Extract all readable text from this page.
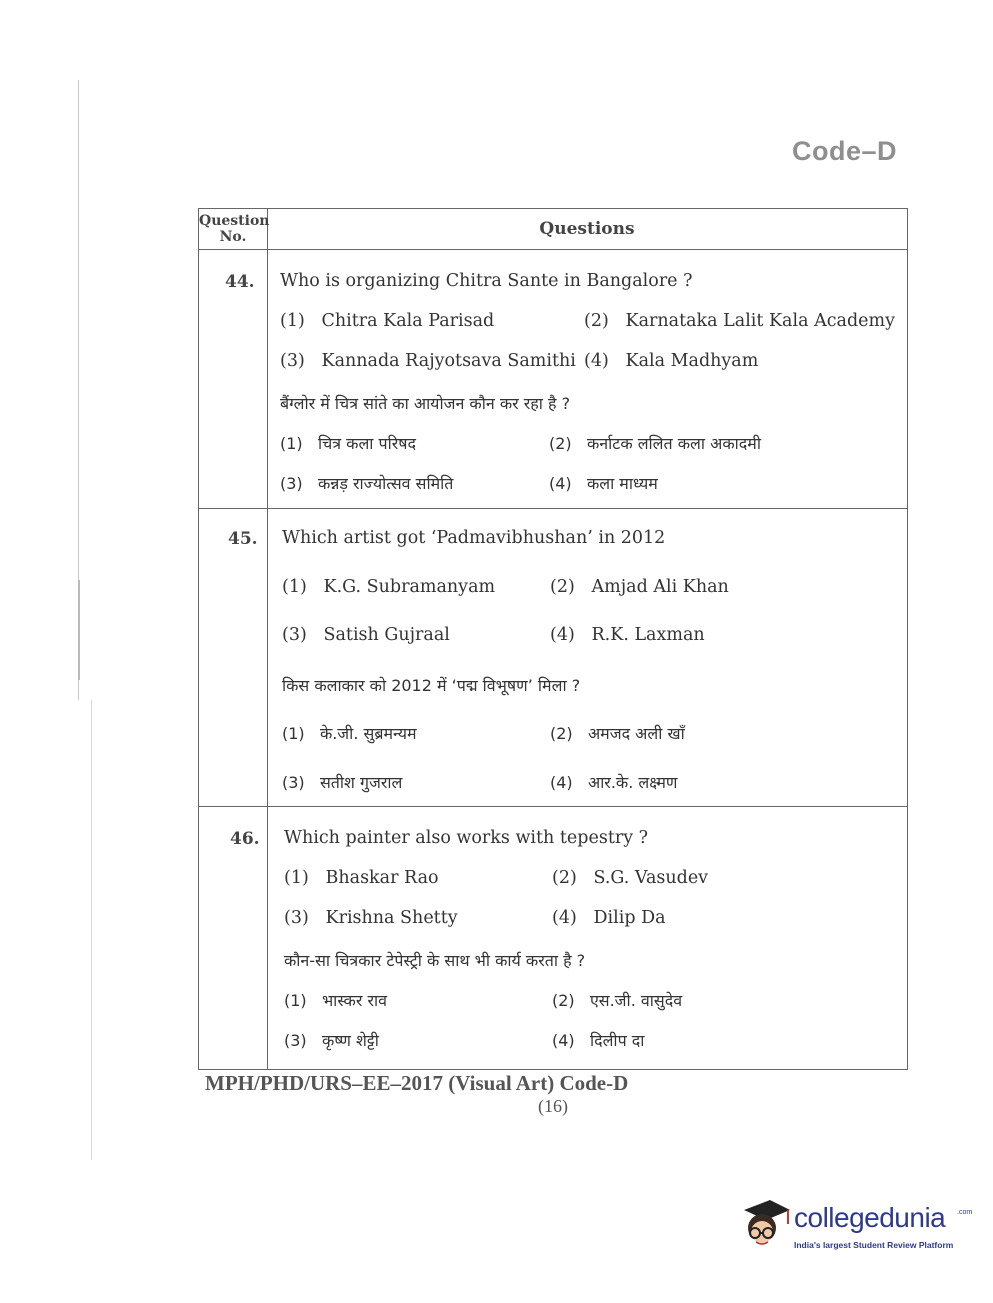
Code–D
Question
No.	Questions
44. Who is organizing Chitra Sante in Bangalore ?
(1) Chitra Kala Parisad	(2) Karnataka Lalit Kala Academy
(3) Kannada Rajyotsava Samithi (4) Kala Madhyam
बैंग्लोर में चित्र सांते का आयोजन कौन कर रहा है ?
(1) चित्र कला परिषद	(2) कर्नाटक ललित कला अकादमी
(3) कन्नड़ राज्योत्सव समिति	(4) कला माध्यम
45. Which artist got ‘Padmavibhushan’ in 2012
(1) K.G. Subramanyam	(2) Amjad Ali Khan
(3) Satish Gujraal	(4) R.K. Laxman
किस कलाकार को 2012 में ‘पद्म विभूषण’ मिला ?
(1) के.जी. सुब्रमन्यम	(2) अमजद अली खाँ
(3) सतीश गुजराल	(4) आर.के. लक्ष्मण
46. Which painter also works with tepestry ?
(1) Bhaskar Rao	(2) S.G. Vasudev
(3) Krishna Shetty	(4) Dilip Da
कौन-सा चित्रकार टेपेस्ट्री के साथ भी कार्य करता है ?
(1) भास्कर राव	(2) एस.जी. वासुदेव
(3) कृष्ण शेट्टी	(4) दिलीप दा
MPH/PHD/URS–EE–2017 (Visual Art) Code-D
(16)
collegedunia .com
India's largest Student Review Platform
